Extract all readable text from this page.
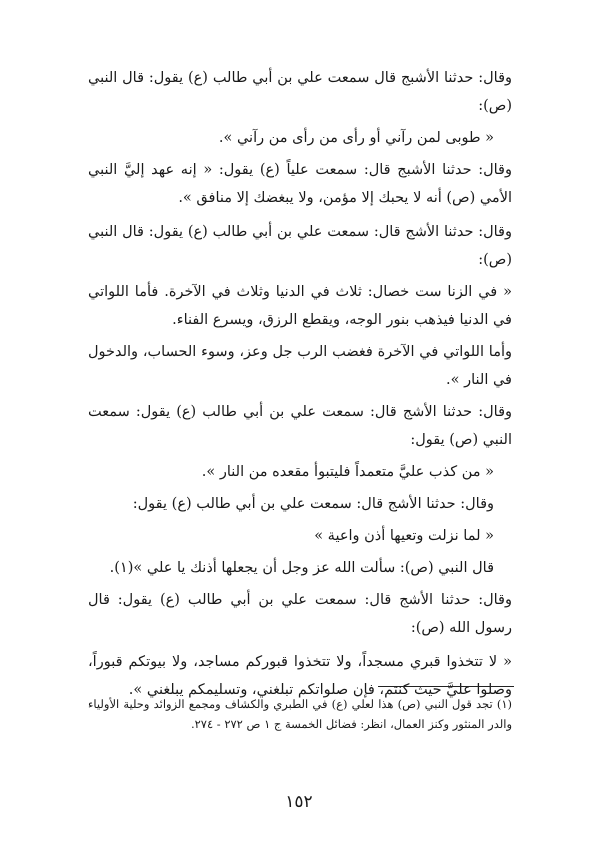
وقال: حدثنا الأشبج قال سمعت علي بن أبي طالب (ع) يقول: قال النبي (ص):

« طوبى لمن رآني أو رأى من رأى من رآني ».

وقال: حدثنا الأشبج قال: سمعت علياً (ع) يقول: « إنه عهد إليَّ النبي الأمي (ص) أنه لا يحبك إلا مؤمن، ولا يبغضك إلا منافق ».

وقال: حدثنا الأشج قال: سمعت علي بن أبي طالب (ع) يقول: قال النبي (ص):

« في الزنا ست خصال: ثلاث في الدنيا وثلاث في الآخرة. فأما اللواتي في الدنيا فيذهب بنور الوجه، ويقطع الرزق، ويسرع الفناء.

وأما اللواتي في الآخرة فغضب الرب جل وعز، وسوء الحساب، والدخول في النار ».

وقال: حدثنا الأشج قال: سمعت علي بن أبي طالب (ع) يقول: سمعت النبي (ص) يقول:

« من كذب عليَّ متعمداً فليتبوأ مقعده من النار ».

وقال: حدثنا الأشج قال: سمعت علي بن أبي طالب (ع) يقول:

« لما نزلت وتعيها أذن واعية »

قال النبي (ص): سألت الله عز وجل أن يجعلها أذنك يا علي »(١).

وقال: حدثنا الأشج قال: سمعت علي بن أبي طالب (ع) يقول: قال رسول الله (ص):

« لا تتخذوا قبري مسجداً، ولا تتخذوا قبوركم مساجد، ولا بيوتكم قبوراً، وصلوا عليَّ حيث كنتم، فإن صلواتكم تبلغني، وتسليمكم يبلغني ».

(١) تجد قول النبي (ص) هذا لعلي (ع) في الطبري والكشاف ومجمع الزوائد وحلية الأولياء والدر المنثور وكنز العمال، انظر: فضائل الخمسة ج ١ ص ٢٧٢ - ٢٧٤.
١٥٢
